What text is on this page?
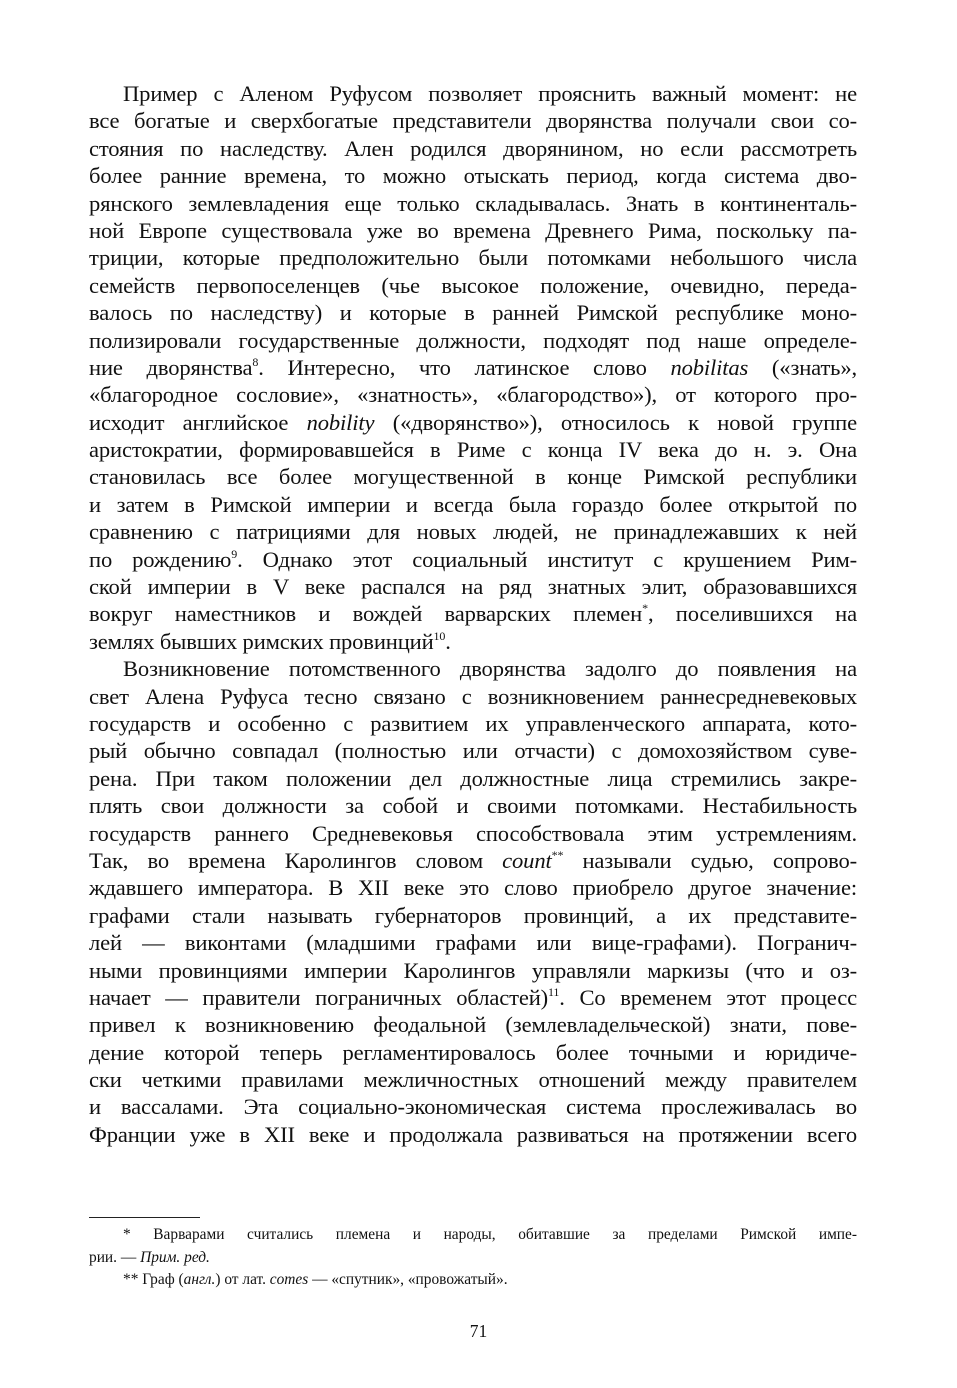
Пример с Аленом Руфусом позволяет прояснить важный момент: не
все богатые и сверхбогатые представители дворянства получали свои со-
стояния по наследству. Ален родился дворянином, но если рассмотреть
более ранние времена, то можно отыскать период, когда система дво-
рянского землевладения еще только складывалась. Знать в континенталь-
ной Европе существовала уже во времена Древнего Рима, поскольку па-
триции, которые предположительно были потомками небольшого числа
семейств первопоселенцев (чье высокое положение, очевидно, переда-
валось по наследству) и которые в ранней Римской республике моно-
полизировали государственные должности, подходят под наше определе-
ние дворянства$^8$. Интересно, что латинское слово nobilitas («знать»,
«благородное сословие», «знатность», «благородство»), от которого про-
исходит английское nobility («дворянство»), относилось к новой группе
аристократии, формировавшейся в Риме с конца IV века до н. э. Она
становилась все более могущественной в конце Римской республики
и затем в Римской империи и всегда была гораздо более открытой по
сравнению с патрициями для новых людей, не принадлежавших к ней
по рождению$^9$. Однако этот социальный институт с крушением Рим-
ской империи в V веке распался на ряд знатных элит, образовавшихся
вокруг наместников и вождей варварских племен*, поселившихся на
землях бывших римских провинций$^{10}$.
Возникновение потомственного дворянства задолго до появления на
свет Алена Руфуса тесно связано с возникновением раннесредневековых
государств и особенно с развитием их управленческого аппарата, кото-
рый обычно совпадал (полностью или отчасти) с домохозяйством суве-
рена. При таком положении дел должностные лица стремились закре-
плять свои должности за собой и своими потомками. Нестабильность
государств раннего Средневековья способствовала этим устремлениям.
Так, во времена Каролингов словом count** называли судью, сопрово-
ждавшего императора. В XII веке это слово приобрело другое значение:
графами стали называть губернаторов провинций, а их представите-
лей — виконтами (младшими графами или вице-графами). Погранич-
ными провинциями империи Каролингов управляли маркизы (что и оз-
начает — правители пограничных областей)$^{11}$. Со временем этот процесс
привел к возникновению феодальной (землевладельческой) знати, пове-
дение которой теперь регламентировалось более точными и юридиче-
ски четкими правилами межличностных отношений между правителем
и вассалами. Эта социально-экономическая система прослеживалась во
Франции уже в XII веке и продолжала развиваться на протяжении всего
* Варварами считались племена и народы, обитавшие за пределами Римской импе-
рии. — Прим. ред.
** Граф (англ.) от лат. comes — «спутник», «провожатый».
71
